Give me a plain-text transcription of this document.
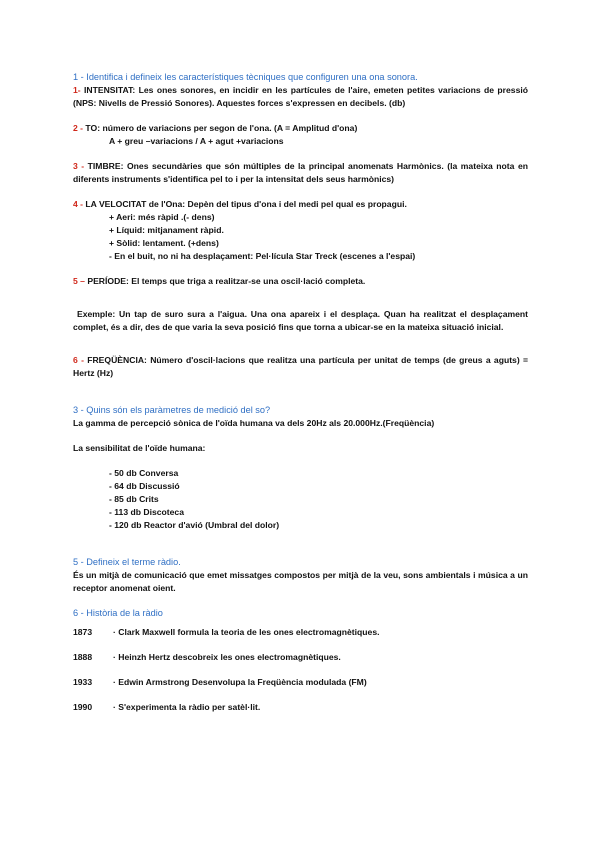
1 - Identifica i defineix les característiques tècniques que configuren una ona sonora.

1- INTENSITAT: Les ones sonores, en incidir en les partícules de l'aire, emeten petites variacions de pressió (NPS: Nivells de Pressió Sonores). Aquestes forces s'expressen en decibels. (db)

2 - TO: número de variacions per segon de l'ona. (A = Amplitud d'ona)

A + greu –variacions / A + agut +variacions

3 - TIMBRE: Ones secundàries que són múltiples de la principal anomenats Harmònics. (la mateixa nota en diferents instruments s'identifica pel to i per la intensitat dels seus harmònics)

4 - LA VELOCITAT de l'Ona: Depèn del tipus d'ona i del medi pel qual es propagui.

+ Aeri: més ràpid .(- dens)

+ Líquid: mitjanament ràpid.

+ Sòlid: lentament. (+dens)

- En el buit, no ni ha desplaçament: Pel·lícula Star Treck (escenes a l'espai)

5 – PERÍODE: El temps que triga a realitzar-se una oscil·lació completa.

Exemple: Un tap de suro sura a l'aigua. Una ona apareix i el desplaça. Quan ha realitzat el desplaçament complet, és a dir, des de que varia la seva posició fins que torna a ubicar-se en la mateixa situació inicial.

6 - FREQÜÈNCIA: Número d'oscil·lacions que realitza una partícula per unitat de temps (de greus a aguts) = Hertz (Hz)

3 - Quins són els paràmetres de medició del so?

La gamma de percepció sònica de l'oïda humana va dels 20Hz als 20.000Hz.(Freqüència)

La sensibilitat de l'oïde humana:

- 50 db Conversa

- 64 db Discussió

- 85 db Crits

- 113 db Discoteca

- 120 db Reactor d'avió (Umbral del dolor)

5 - Defineix el terme ràdio.

És un mitjà de comunicació que emet missatges compostos per mitjà de la veu, sons ambientals i música a un receptor anomenat oient.

6 - Història de la ràdio

1873	· Clark Maxwell formula la teoria de les ones electromagnètiques.
1888	· Heinzh Hertz descobreix les ones electromagnètiques.
1933	· Edwin Armstrong Desenvolupa la Freqüència modulada (FM)
1990	· S'experimenta la ràdio per satèl·lit.
